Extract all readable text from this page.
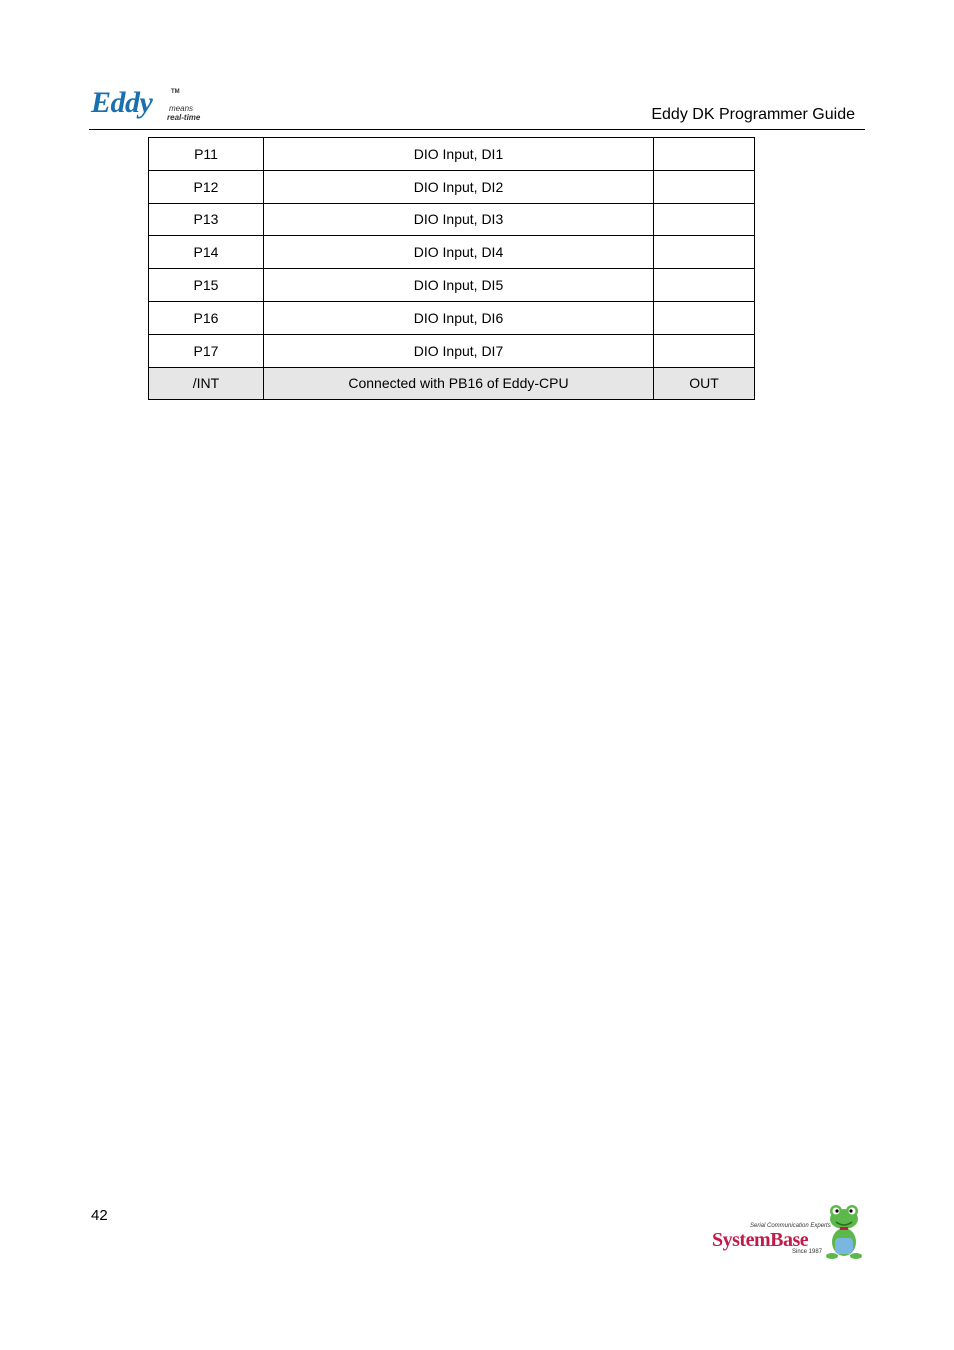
Eddy	TM
means
real-time	Eddy DK Programmer Guide
P11	DIO Input, DI1	
P12	DIO Input, DI2	
P13	DIO Input, DI3	
P14	DIO Input, DI4	
P15	DIO Input, DI5	
P16	DIO Input, DI6	
P17	DIO Input, DI7	
/INT	Connected with PB16 of Eddy-CPU	OUT
42
Serial Communication Experts
SystemBase
Since 1987
